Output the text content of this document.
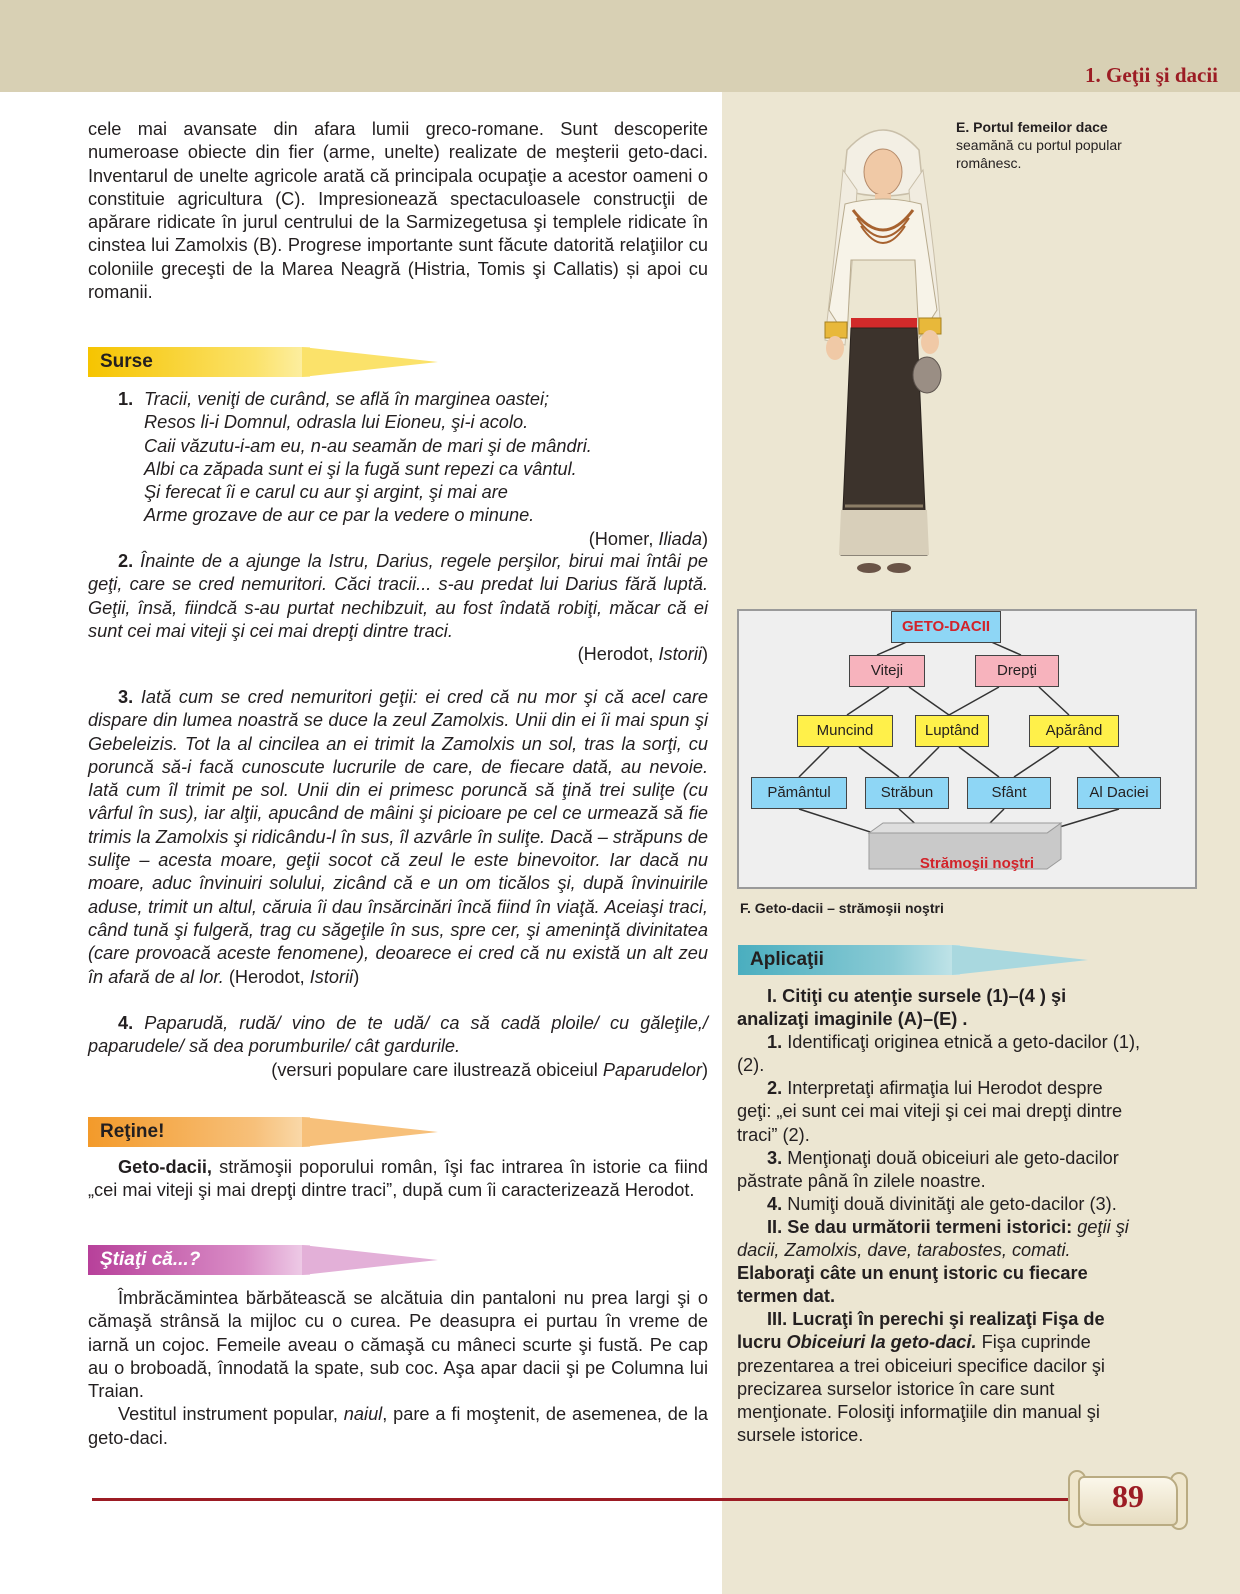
1. Geţii şi dacii

cele mai avansate din afara lumii greco-romane. Sunt descoperite numeroase obiecte din fier (arme, unelte) realizate de meşterii geto-daci. Inventarul de unelte agricole arată că principala ocupaţie a acestor oameni o constituie agricultura (C). Impresionează spectaculoasele construcţii de apărare ridicate în jurul centrului de la Sarmizegetusa şi templele ridicate în cinstea lui Zamolxis (B). Progrese importante sunt făcute datorită relaţiilor cu coloniile greceşti de la Marea Neagră (Histria, Tomis şi Callatis) și apoi cu romanii.

Surse
1. Tracii, veniţi de curând, se află în marginea oastei;
Resos li-i Domnul, odrasla lui Eioneu, şi-i acolo.
Caii văzutu-i-am eu, n-au seamăn de mari şi de mândri.
Albi ca zăpada sunt ei şi la fugă sunt repezi ca vântul.
Şi ferecat îi e carul cu aur şi argint, şi mai are
Arme grozave de aur ce par la vedere o minune.
(Homer, Iliada)

2. Înainte de a ajunge la Istru, Darius, regele perşilor, birui mai întâi pe geţi, care se cred nemuritori. Căci tracii... s-au predat lui Darius fără luptă. Geţii, însă, fiindcă s-au purtat nechibzuit, au fost îndată robiţi, măcar că ei sunt cei mai viteji şi cei mai drepţi dintre traci.

(Herodot, Istorii)

3. Iată cum se cred nemuritori geţii: ei cred că nu mor şi că acel care dispare din lumea noastră se duce la zeul Zamolxis. Unii din ei îi mai spun şi Gebeleizis. Tot la al cincilea an ei trimit la Zamolxis un sol, tras la sorţi, cu poruncă să-i facă cunoscute lucrurile de care, de fiecare dată, au nevoie. Iată cum îl trimit pe sol. Unii din ei primesc poruncă să ţină trei suliţe (cu vârful în sus), iar alţii, apucând de mâini şi picioare pe cel ce urmează să fie trimis la Zamolxis şi ridicându-l în sus, îl azvârle în suliţe. Dacă – străpuns de suliţe – acesta moare, geţii socot că zeul le este binevoitor. Iar dacă nu moare, aduc învinuiri solului, zicând că e un om ticălos şi, după învinuirile aduse, trimit un altul, căruia îi dau însărcinări încă fiind în viaţă. Aceiaşi traci, când tună şi fulgeră, trag cu săgeţile în sus, spre cer, şi ameninţă divinitatea (care provoacă aceste fenomene), deoarece ei cred că nu există un alt zeu în afară de al lor. (Herodot, Istorii)

4. Paparudă, rudă/ vino de te udă/ ca să cadă ploile/ cu găleţile,/ paparudele/ să dea porumburile/ cât gardurile.

(versuri populare care ilustrează obiceiul Paparudelor)
Reţine!

Geto-dacii, strămoşii poporului român, îşi fac intrarea în istorie ca fiind „cei mai viteji şi mai drepţi dintre traci”, după cum îi caracterizează Herodot.

Ştiaţi că...?

Îmbrăcămintea bărbătească se alcătuia din pantaloni nu prea largi şi o cămaşă strânsă la mijloc cu o curea. Pe deasupra ei purtau în vreme de iarnă un cojoc. Femeile aveau o cămaşă cu mâneci scurte şi fustă. Pe cap au o broboadă, înnodată la spate, sub coc. Aşa apar dacii şi pe Columna lui Traian.

Vestitul instrument popular, naiul, pare a fi moştenit, de asemenea, de la geto-daci.

E. Portul femeilor dace seamănă cu portul popular românesc.
GETO-DACII
Viteji	Drepţi
Muncind	Luptând	Apărând
Pământul	Străbun	Sfânt	Al Daciei
Strămoşii noştri
F. Geto-dacii – strămoşii noştri
Aplicaţii

I. Citiţi cu atenţie sursele (1)–(4 ) şi analizaţi imaginile (A)–(E) .

1. Identificaţi originea etnică a geto-dacilor (1), (2).

2. Interpretaţi afirmaţia lui Herodot despre geţi: „ei sunt cei mai viteji şi cei mai drepţi dintre traci” (2).

3. Menţionaţi două obiceiuri ale geto-dacilor păstrate până în zilele noastre.

4. Numiţi două divinităţi ale geto-dacilor (3).

II. Se dau următorii termeni istorici: geţii şi dacii, Zamolxis, dave, tarabostes, comati. Elaboraţi câte un enunţ istoric cu fiecare termen dat.

III. Lucraţi în perechi şi realizaţi Fişa de lucru Obiceiuri la geto-daci. Fişa cuprinde prezentarea a trei obiceiuri specifice dacilor şi precizarea surselor istorice în care sunt menţionate. Folosiţi informaţiile din manual şi sursele istorice.

89
